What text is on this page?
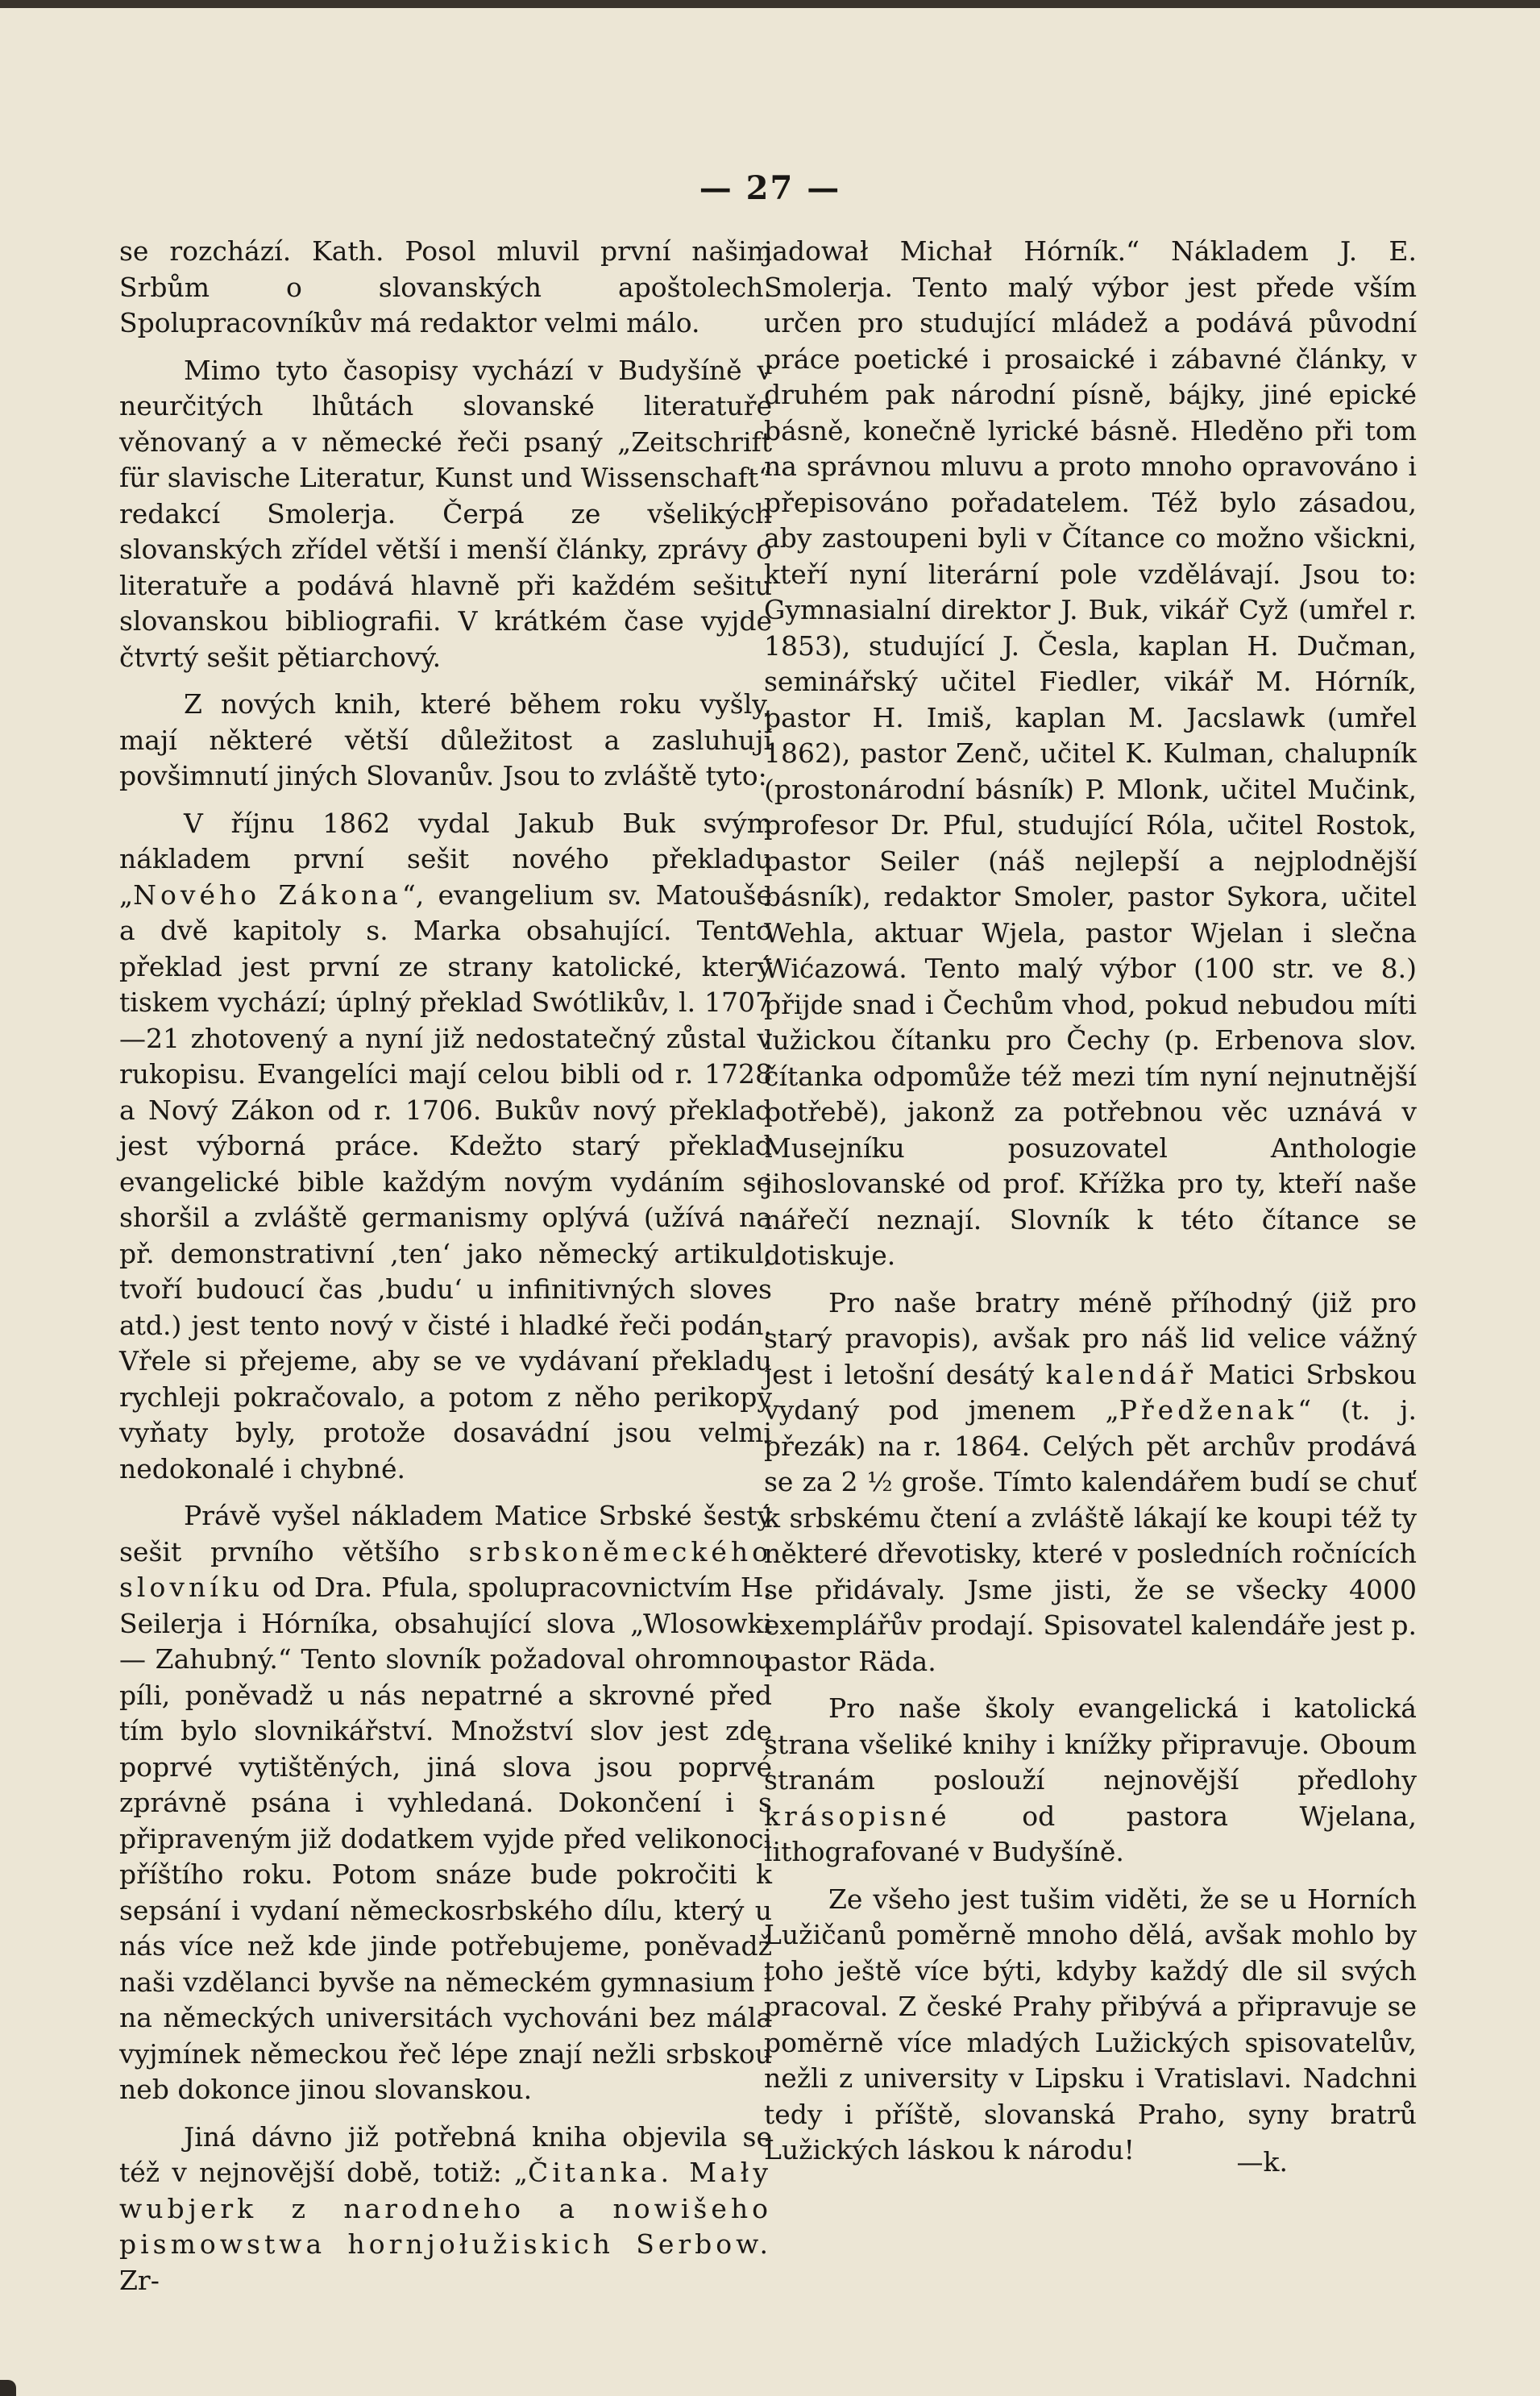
— 27 —

se rozchází. Kath. Posol mluvil první našim Srbům o slovanských apoštolech. Spolupracovníkův má redaktor velmi málo.

Mimo tyto časopisy vychází v Budyšíně v neurčitých lhůtách slovanské literatuře věnovaný a v německé řeči psaný „Zeitschrift für slavische Literatur, Kunst und Wissenschaft“ redakcí Smolerja. Čerpá ze všelikých slovanských zřídel větší i menší články, zprávy o literatuře a podává hlavně při každém sešitu slovanskou bibliografii. V krátkém čase vyjde čtvrtý sešit pětiarchový.

Z nových knih, které během roku vyšly, mají některé větší důležitost a zasluhují povšimnutí jiných Slovanův. Jsou to zvláště tyto:

V říjnu 1862 vydal Jakub Buk svým nákladem první sešit nového překladu „Nového Zákona“, evangelium sv. Matouše a dvě kapitoly s. Marka obsahující. Tento překlad jest první ze strany katolické, který tiskem vychází; úplný překlad Swótlikův, l. 1707—21 zhotovený a nyní již nedostatečný zůstal v rukopisu. Evangelíci mají celou bibli od r. 1728 a Nový Zákon od r. 1706. Bukův nový překlad jest výborná práce. Kdežto starý překlad evangelické bible každým novým vydáním se shoršil a zvláště germanismy oplývá (užívá na př. demonstrativní ‚ten‘ jako německý artikul, tvoří budoucí čas ‚budu‘ u infinitivných sloves atd.) jest tento nový v čisté i hladké řeči podán. Vřele si přejeme, aby se ve vydávaní překladu rychleji pokračovalo, a potom z něho perikopy vyňaty byly, protože dosavádní jsou velmi nedokonalé i chybné.

Právě vyšel nákladem Matice Srbské šestý sešit prvního většího srbskoněmeckého slovníku od Dra. Pfula, spolupracovnictvím H. Seilerja i Hórníka, obsahující slova „Wlosowki — Zahubný.“ Tento slovník požadoval ohromnou píli, poněvadž u nás nepatrné a skrovné před tím bylo slovnikářství. Množství slov jest zde poprvé vytištěných, jiná slova jsou poprvé zprávně psána i vyhledaná. Dokončení i s připraveným již dodatkem vyjde před velikonoci příštího roku. Potom snáze bude pokročiti k sepsání i vydaní německosrbského dílu, který u nás více než kde jinde potřebujeme, poněvadž naši vzdělanci byvše na německém gymnasium i na německých universitách vychováni bez mála vyjmínek německou řeč lépe znají nežli srbskou neb dokonce jinou slovanskou.

Jiná dávno již potřebná kniha objevila se též v nejnovější době, totiž: „Čitanka. Mały wubjerk z narodneho a nowišeho pismowstwa hornjołužiskich Serbow. Zr-

jadował Michał Hórník.“ Nákladem J. E. Smolerja. Tento malý výbor jest přede vším určen pro studující mládež a podává původní práce poetické i prosaické i zábavné články, v druhém pak národní písně, bájky, jiné epické básně, konečně lyrické básně. Hleděno při tom na správnou mluvu a proto mnoho opravováno i přepisováno pořadatelem. Též bylo zásadou, aby zastoupeni byli v Čítance co možno všickni, kteří nyní literární pole vzdělávají. Jsou to: Gymnasialní direktor J. Buk, vikář Cyž (umřel r. 1853), studující J. Česla, kaplan H. Dučman, seminářský učitel Fiedler, vikář M. Hórník, pastor H. Imiš, kaplan M. Jacslawk (umřel 1862), pastor Zenč, učitel K. Kulman, chalupník (prostonárodní básník) P. Mlonk, učitel Mučink, profesor Dr. Pful, studující Róla, učitel Rostok, pastor Seiler (náš nejlepší a nejplodnější básník), redaktor Smoler, pastor Sykora, učitel Wehla, aktuar Wjela, pastor Wjelan i slečna Wićazowá. Tento malý výbor (100 str. ve 8.) přijde snad i Čechům vhod, pokud nebudou míti lužickou čítanku pro Čechy (p. Erbenova slov. čítanka odpomůže též mezi tím nyní nejnutnější potřebě), jakonž za potřebnou věc uznává v Musejníku posuzovatel Anthologie jihoslovanské od prof. Křížka pro ty, kteří naše nářečí neznají. Slovník k této čítance se dotiskuje.

Pro naše bratry méně příhodný (již pro starý pravopis), avšak pro náš lid velice vážný jest i letošní desátý kalendář Matici Srbskou vydaný pod jmenem „Předženak“ (t. j. přezák) na r. 1864. Celých pět archův prodává se za 2 ½ groše. Tímto kalendářem budí se chuť k srbskému čtení a zvláště lákají ke koupi též ty některé dřevotisky, které v posledních ročnících se přidávaly. Jsme jisti, že se všecky 4000 exemplářův prodají. Spisovatel kalendáře jest p. pastor Räda.

Pro naše školy evangelická i katolická strana všeliké knihy i knížky připravuje. Oboum stranám poslouží nejnovější předlohy krásopisné od pastora Wjelana, lithografované v Budyšíně.

Ze všeho jest tušim viděti, že se u Horních Lužičanů poměrně mnoho dělá, avšak mohlo by toho ještě více býti, kdyby každý dle sil svých pracoval. Z české Prahy přibývá a připravuje se poměrně více mladých Lužických spisovatelův, nežli z university v Lipsku i Vratislavi. Nadchni tedy i příště, slovanská Praho, syny bratrů Lužických láskou k národu!	—k.
